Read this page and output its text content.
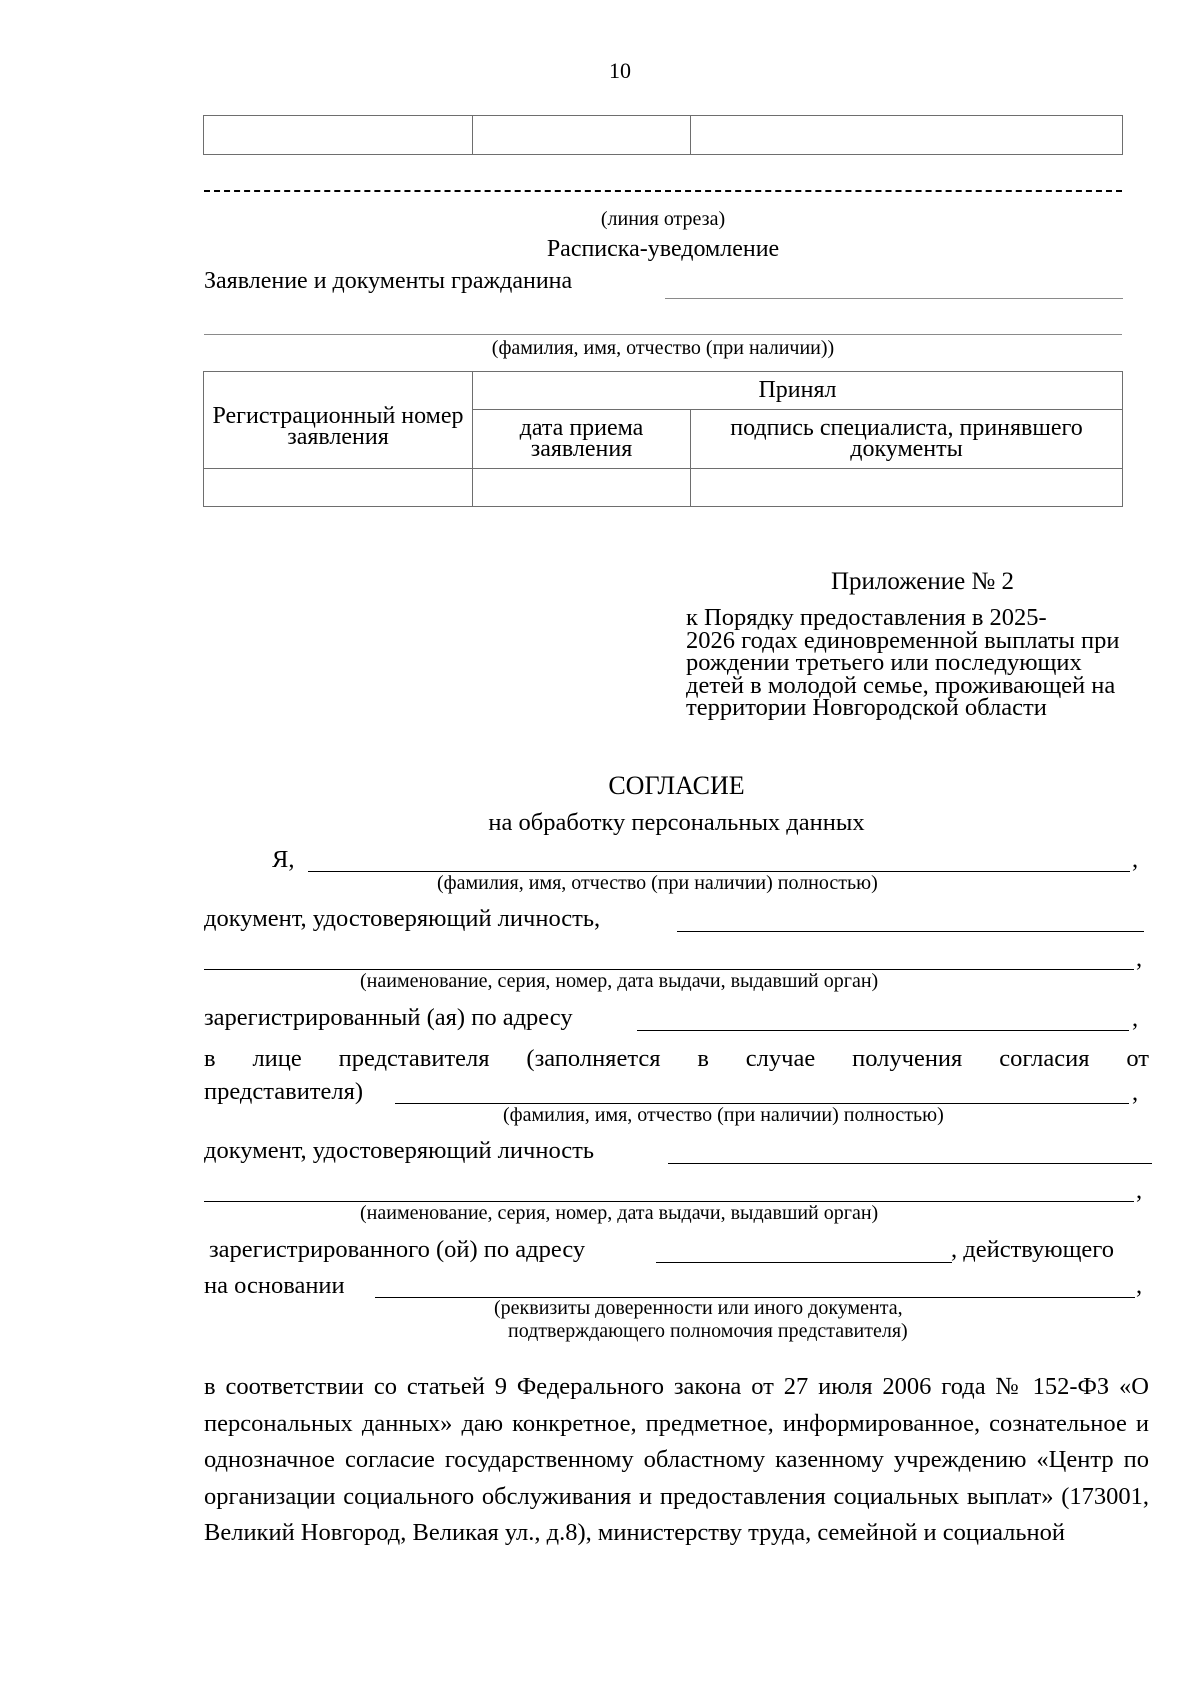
10

(линия отреза)
Расписка-уведомление
Заявление и документы гражданина
(фамилия, имя, отчество (при наличии))
Регистрационный номер заявления	Принял	
	дата приема заявления	подпись специалиста, принявшего документы

Приложение № 2
к Порядку предоставления в 2025-
2026 годах единовременной выплаты при
рождении третьего или последующих
детей в молодой семье, проживающей на
территории Новгородской области
СОГЛАСИЕ
на обработку персональных данных
Я,	,
(фамилия, имя, отчество (при наличии) полностью)
документ, удостоверяющий личность,
,
(наименование, серия, номер, дата выдачи, выдавший орган)
зарегистрированный (ая) по адресу	,
в лице представителя (заполняется в случае получения согласия от
представителя)	,
(фамилия, имя, отчество (при наличии) полностью)
документ, удостоверяющий личность
,
(наименование, серия, номер, дата выдачи, выдавший орган)
зарегистрированного (ой) по адресу	, действующего
на основании	,
(реквизиты доверенности или иного документа,
подтверждающего полномочия представителя)
в соответствии со статьей 9 Федерального закона от 27 июля 2006 года № 152-ФЗ «О персональных данных» даю конкретное, предметное, информированное, сознательное и однозначное согласие государственному областному казенному учреждению «Центр по организации социального обслуживания и предоставления социальных выплат» (173001, Великий Новгород, Великая ул., д.8), министерству труда, семейной и социальной
